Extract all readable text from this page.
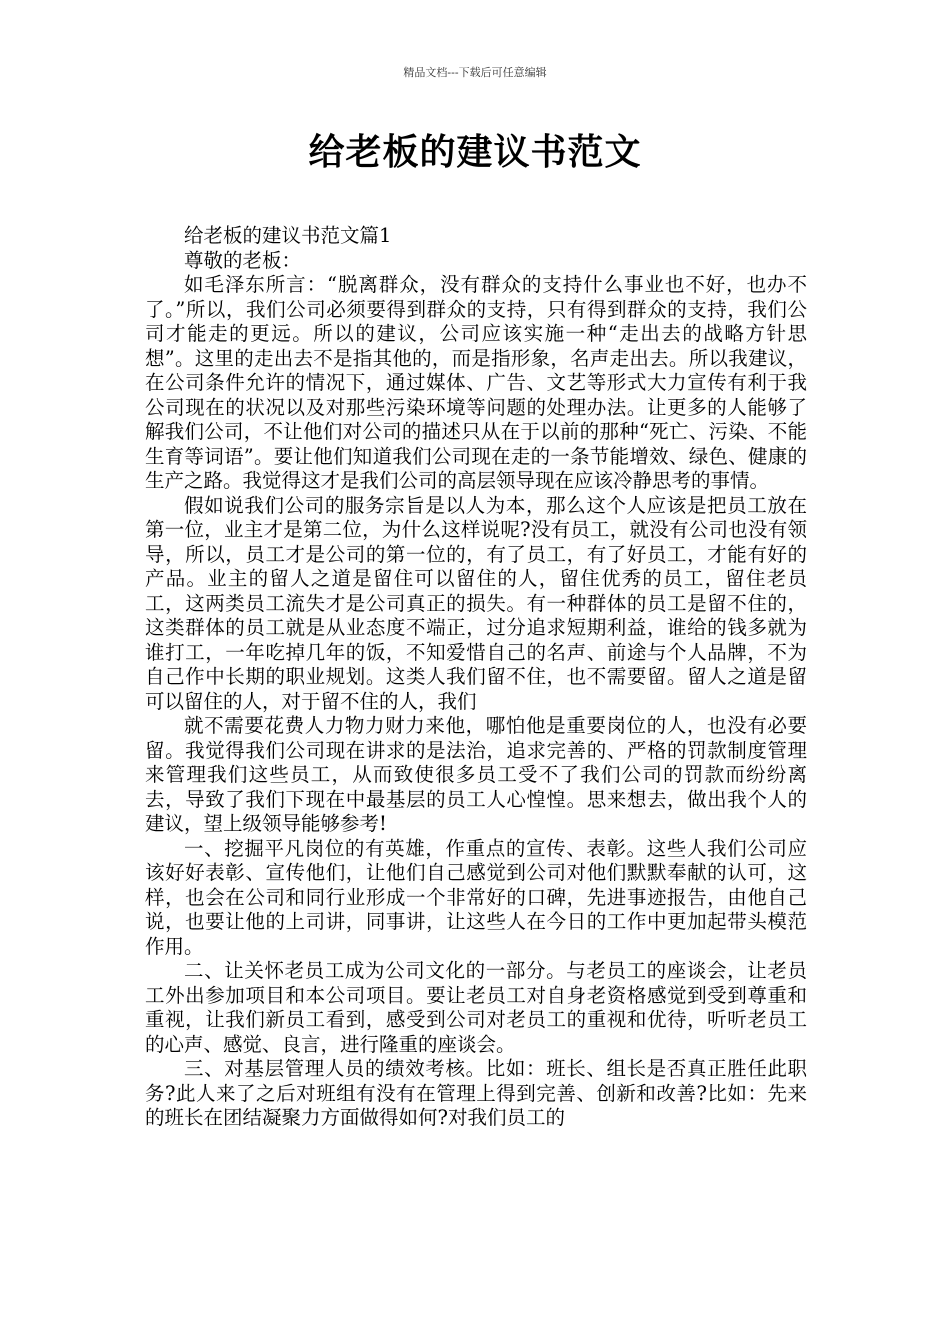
精品文档---下载后可任意编辑
给老板的建议书范文

给老板的建议书范文篇1

尊敬的老板：

如毛泽东所言：“脱离群众，没有群众的支持什么事业也不好，也办不了。”所以，我们公司必须要得到群众的支持，只有得到群众的支持，我们公司才能走的更远。所以的建议，公司应该实施一种“走出去的战略方针思想”。这里的走出去不是指其他的，而是指形象，名声走出去。所以我建议，在公司条件允许的情况下，通过媒体、广告、文艺等形式大力宣传有利于我公司现在的状况以及对那些污染环境等问题的处理办法。让更多的人能够了解我们公司，不让他们对公司的描述只从在于以前的那种“死亡、污染、不能生育等词语”。要让他们知道我们公司现在走的一条节能增效、绿色、健康的生产之路。我觉得这才是我们公司的高层领导现在应该冷静思考的事情。

假如说我们公司的服务宗旨是以人为本，那么这个人应该是把员工放在第一位，业主才是第二位，为什么这样说呢?没有员工，就没有公司也没有领导，所以，员工才是公司的第一位的，有了员工，有了好员工，才能有好的产品。业主的留人之道是留住可以留住的人，留住优秀的员工，留住老员工，这两类员工流失才是公司真正的损失。有一种群体的员工是留不住的，这类群体的员工就是从业态度不端正，过分追求短期利益，谁给的钱多就为谁打工，一年吃掉几年的饭，不知爱惜自己的名声、前途与个人品牌，不为自己作中长期的职业规划。这类人我们留不住，也不需要留。留人之道是留可以留住的人，对于留不住的人，我们

就不需要花费人力物力财力来他，哪怕他是重要岗位的人，也没有必要留。我觉得我们公司现在讲求的是法治，追求完善的、严格的罚款制度管理来管理我们这些员工，从而致使很多员工受不了我们公司的罚款而纷纷离去，导致了我们下现在中最基层的员工人心惶惶。思来想去，做出我个人的建议，望上级领导能够参考!

一、挖掘平凡岗位的有英雄，作重点的宣传、表彰。这些人我们公司应该好好表彰、宣传他们，让他们自己感觉到公司对他们默默奉献的认可，这样，也会在公司和同行业形成一个非常好的口碑，先进事迹报告，由他自己说，也要让他的上司讲，同事讲，让这些人在今日的工作中更加起带头模范作用。

二、让关怀老员工成为公司文化的一部分。与老员工的座谈会，让老员工外出参加项目和本公司项目。要让老员工对自身老资格感觉到受到尊重和重视，让我们新员工看到，感受到公司对老员工的重视和优待，听听老员工的心声、感觉、良言，进行隆重的座谈会。

三、对基层管理人员的绩效考核。比如：班长、组长是否真正胜任此职务?此人来了之后对班组有没有在管理上得到完善、创新和改善?比如：先来的班长在团结凝聚力方面做得如何?对我们员工的
